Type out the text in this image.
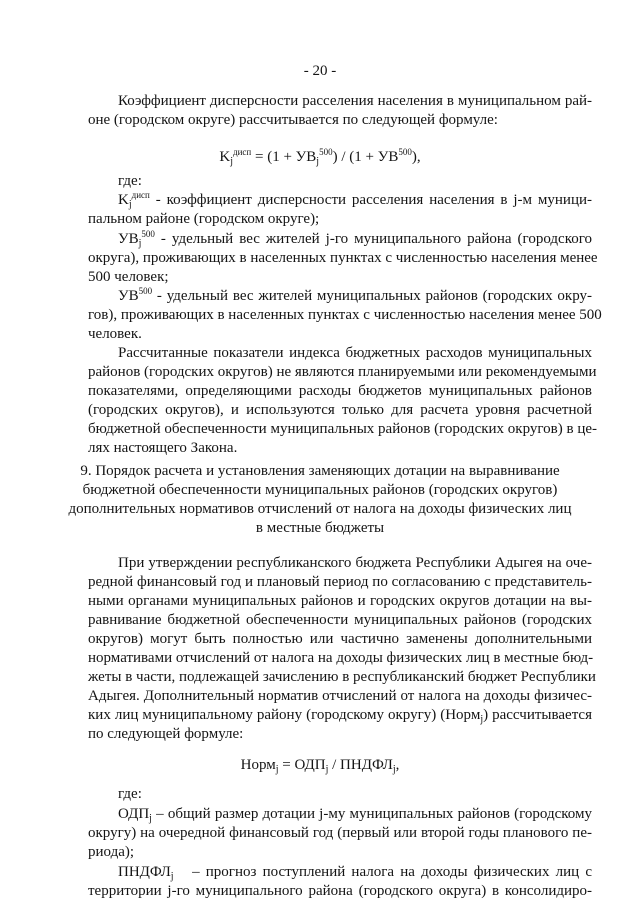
- 20 -
Коэффициент дисперсности расселения населения в муниципальном рай-
оне (городском округе) рассчитывается по следующей формуле:
$K_j^{дисп} = (1 + УВ_j^{500}) / (1 + УВ^{500})$,
где:
$K_j^{дисп}$ - коэффициент дисперсности расселения населения в j-м муници-
пальном районе (городском округе);
$УВ_j^{500}$ - удельный вес жителей j-го муниципального района (городского
округа), проживающих в населенных пунктах с численностью населения менее
500 человек;
УВ$^{500}$ - удельный вес жителей муниципальных районов (городских окру-
гов), проживающих в населенных пунктах с численностью населения менее 500
человек.
Рассчитанные показатели индекса бюджетных расходов муниципальных
районов (городских округов) не являются планируемыми или рекомендуемыми
показателями, определяющими расходы бюджетов муниципальных районов
(городских округов), и используются только для расчета уровня расчетной
бюджетной обеспеченности муниципальных районов (городских округов) в це-
лях настоящего Закона.
9. Порядок расчета и установления заменяющих дотации на выравнивание
бюджетной обеспеченности муниципальных районов (городских округов)
дополнительных нормативов отчислений от налога на доходы физических лиц
в местные бюджеты
При утверждении республиканского бюджета Республики Адыгея на оче-
редной финансовый год и плановый период по согласованию с представитель-
ными органами муниципальных районов и городских округов дотации на вы-
равнивание бюджетной обеспеченности муниципальных районов (городских
округов) могут быть полностью или частично заменены дополнительными
нормативами отчислений от налога на доходы физических лиц в местные бюд-
жеты в части, подлежащей зачислению в республиканский бюджет Республики
Адыгея. Дополнительный норматив отчислений от налога на доходы физичес-
ких лиц муниципальному району (городскому округу) (Норм$_j$) рассчитывается
по следующей формуле:
Норм$_j$ = $ОДП_j$ / $ПНДФЛ_j$,
где:
$ОДП_j$ – общий размер дотации j-му муниципальных районов (городскому
округу) на очередной финансовый год (первый или второй годы планового пе-
риода);
$ПНДФЛ_j$   – прогноз поступлений налога на доходы физических лиц с
территории j-го муниципального района (городского округа) в консолидиро-
